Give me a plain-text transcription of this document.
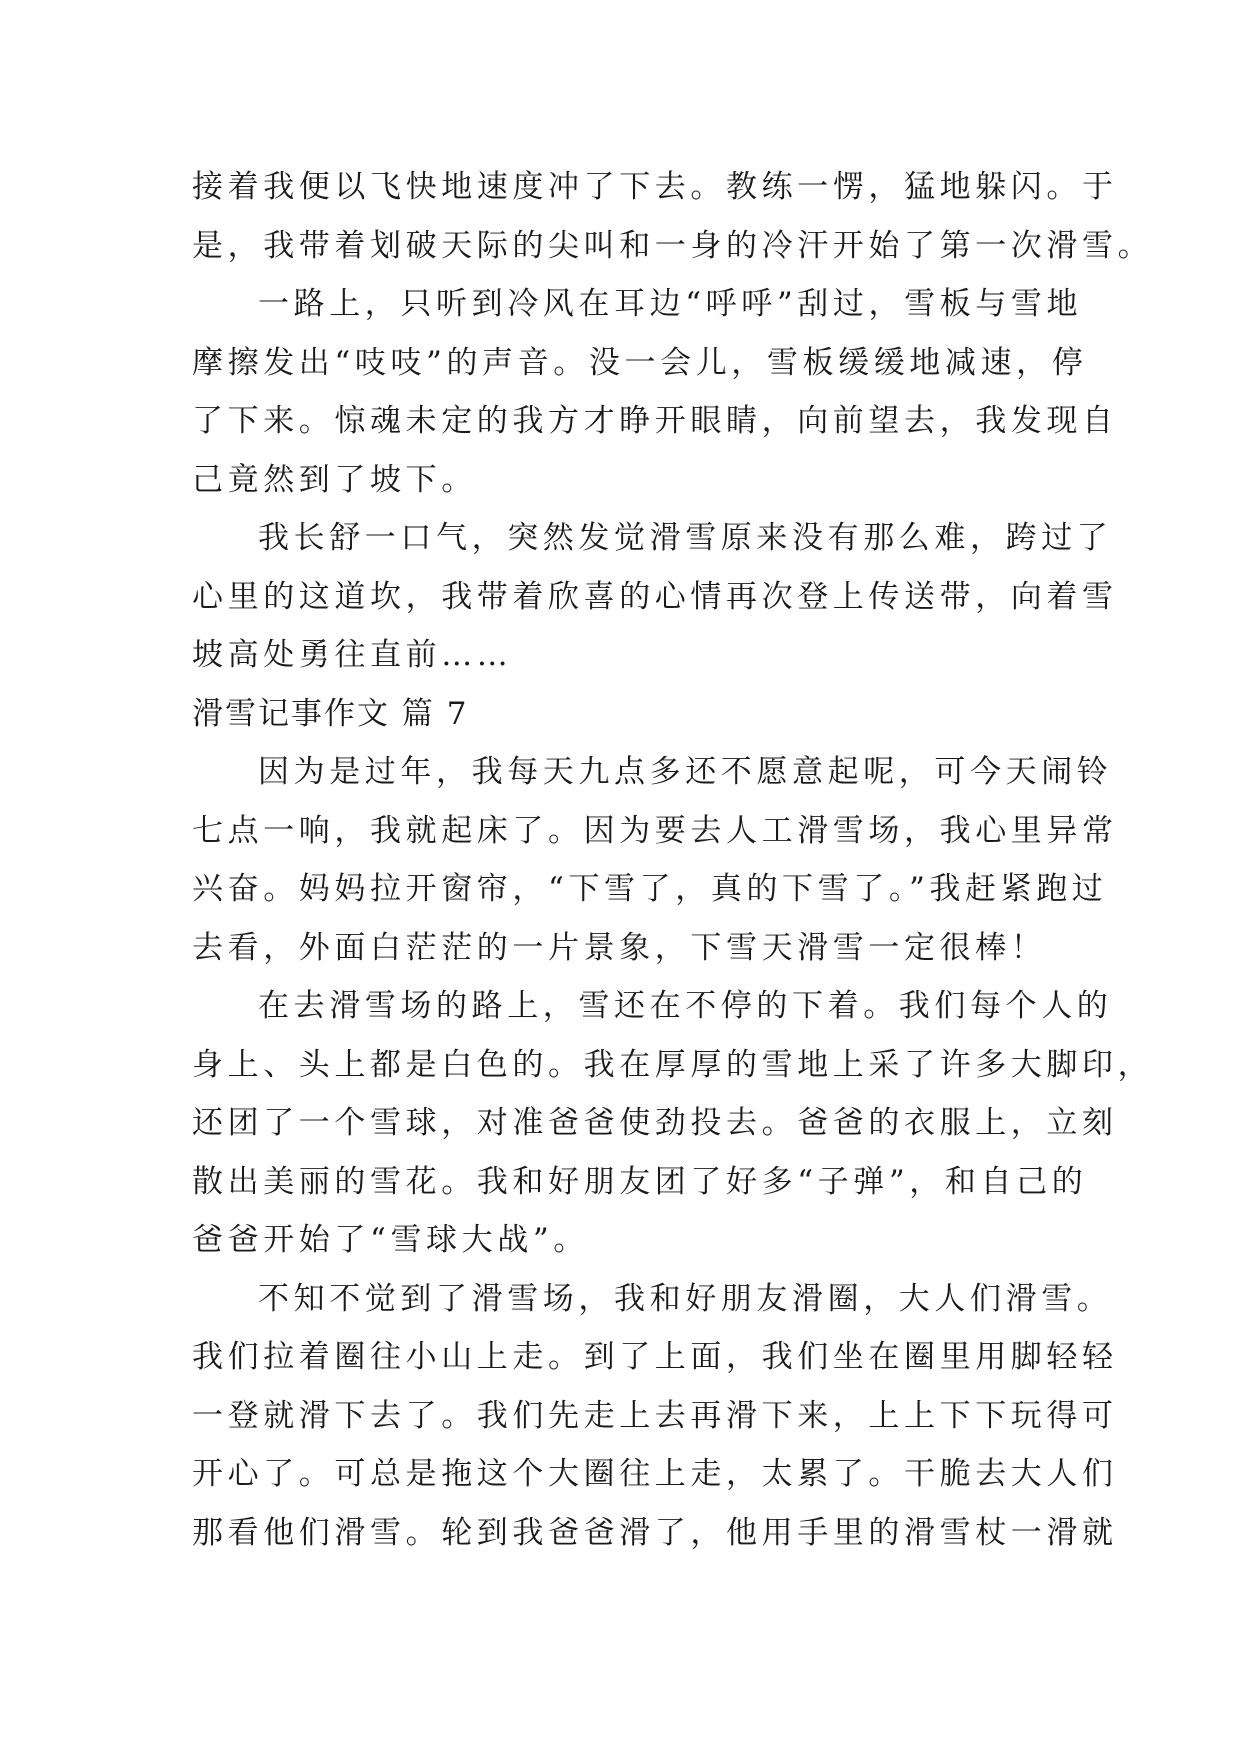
接着我便以飞快地速度冲了下去。教练一愣，猛地躲闪。于
是，我带着划破天际的尖叫和一身的冷汗开始了第一次滑雪。
一路上，只听到冷风在耳边“呼呼”刮过，雪板与雪地
摩擦发出“吱吱”的声音。没一会儿，雪板缓缓地减速，停
了下来。惊魂未定的我方才睁开眼睛，向前望去，我发现自
己竟然到了坡下。
我长舒一口气，突然发觉滑雪原来没有那么难，跨过了
心里的这道坎，我带着欣喜的心情再次登上传送带，向着雪
坡高处勇往直前……
滑雪记事作文 篇 7
因为是过年，我每天九点多还不愿意起呢，可今天闹铃
七点一响，我就起床了。因为要去人工滑雪场，我心里异常
兴奋。妈妈拉开窗帘，“下雪了，真的下雪了。”我赶紧跑过
去看，外面白茫茫的一片景象，下雪天滑雪一定很棒！
在去滑雪场的路上，雪还在不停的下着。我们每个人的
身上、头上都是白色的。我在厚厚的雪地上采了许多大脚印，
还团了一个雪球，对准爸爸使劲投去。爸爸的衣服上，立刻
散出美丽的雪花。我和好朋友团了好多“子弹”，和自己的
爸爸开始了“雪球大战”。
不知不觉到了滑雪场，我和好朋友滑圈，大人们滑雪。
我们拉着圈往小山上走。到了上面，我们坐在圈里用脚轻轻
一登就滑下去了。我们先走上去再滑下来，上上下下玩得可
开心了。可总是拖这个大圈往上走，太累了。干脆去大人们
那看他们滑雪。轮到我爸爸滑了，他用手里的滑雪杖一滑就
